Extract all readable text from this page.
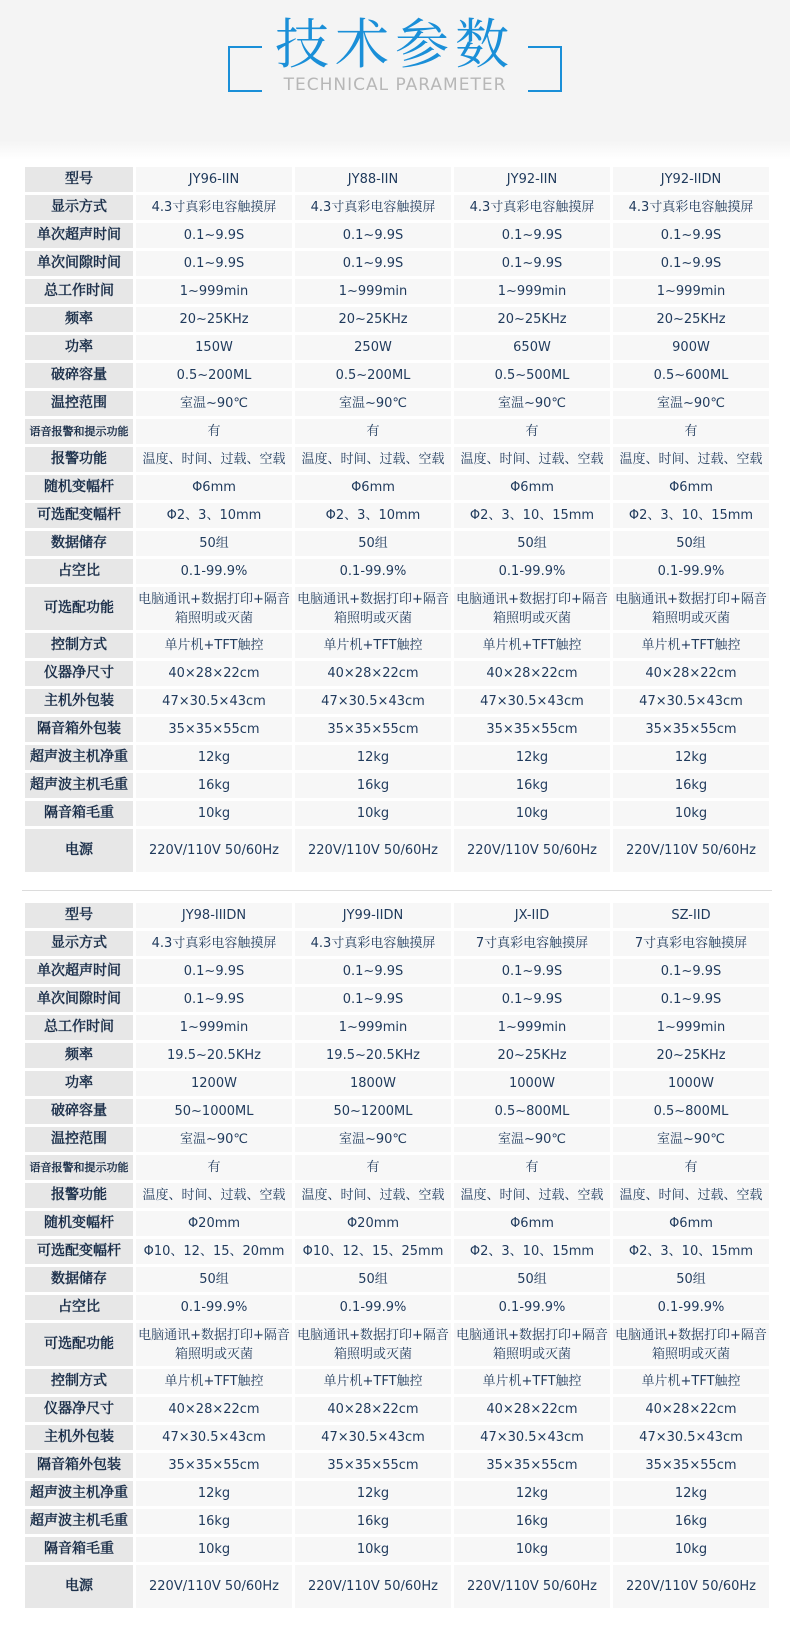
技术参数
TECHNICAL PARAMETER
型号	JY96-IIN	JY88-IIN	JY92-IIN	JY92-IIDN
显示方式	4.3寸真彩电容触摸屏	4.3寸真彩电容触摸屏	4.3寸真彩电容触摸屏	4.3寸真彩电容触摸屏
单次超声时间	0.1~9.9S	0.1~9.9S	0.1~9.9S	0.1~9.9S
单次间隙时间	0.1~9.9S	0.1~9.9S	0.1~9.9S	0.1~9.9S
总工作时间	1~999min	1~999min	1~999min	1~999min
频率	20~25KHz	20~25KHz	20~25KHz	20~25KHz
功率	150W	250W	650W	900W
破碎容量	0.5~200ML	0.5~200ML	0.5~500ML	0.5~600ML
温控范围	室温~90℃	室温~90℃	室温~90℃	室温~90℃
语音报警和提示功能	有	有	有	有
报警功能	温度、时间、过载、空载	温度、时间、过载、空载	温度、时间、过载、空载	温度、时间、过载、空载
随机变幅杆	Φ6mm	Φ6mm	Φ6mm	Φ6mm
可选配变幅杆	Φ2、3、10mm	Φ2、3、10mm	Φ2、3、10、15mm	Φ2、3、10、15mm
数据储存	50组	50组	50组	50组
占空比	0.1-99.9%	0.1-99.9%	0.1-99.9%	0.1-99.9%
可选配功能	电脑通讯+数据打印+隔音箱照明或灭菌	电脑通讯+数据打印+隔音箱照明或灭菌	电脑通讯+数据打印+隔音箱照明或灭菌	电脑通讯+数据打印+隔音箱照明或灭菌
控制方式	单片机+TFT触控	单片机+TFT触控	单片机+TFT触控	单片机+TFT触控
仪器净尺寸	40×28×22cm	40×28×22cm	40×28×22cm	40×28×22cm
主机外包装	47×30.5×43cm	47×30.5×43cm	47×30.5×43cm	47×30.5×43cm
隔音箱外包装	35×35×55cm	35×35×55cm	35×35×55cm	35×35×55cm
超声波主机净重	12kg	12kg	12kg	12kg
超声波主机毛重	16kg	16kg	16kg	16kg
隔音箱毛重	10kg	10kg	10kg	10kg
电源	220V/110V 50/60Hz	220V/110V 50/60Hz	220V/110V 50/60Hz	220V/110V 50/60Hz
型号	JY98-IIIDN	JY99-IIDN	JX-IID	SZ-IID
显示方式	4.3寸真彩电容触摸屏	4.3寸真彩电容触摸屏	7寸真彩电容触摸屏	7寸真彩电容触摸屏
单次超声时间	0.1~9.9S	0.1~9.9S	0.1~9.9S	0.1~9.9S
单次间隙时间	0.1~9.9S	0.1~9.9S	0.1~9.9S	0.1~9.9S
总工作时间	1~999min	1~999min	1~999min	1~999min
频率	19.5~20.5KHz	19.5~20.5KHz	20~25KHz	20~25KHz
功率	1200W	1800W	1000W	1000W
破碎容量	50~1000ML	50~1200ML	0.5~800ML	0.5~800ML
温控范围	室温~90℃	室温~90℃	室温~90℃	室温~90℃
语音报警和提示功能	有	有	有	有
报警功能	温度、时间、过载、空载	温度、时间、过载、空载	温度、时间、过载、空载	温度、时间、过载、空载
随机变幅杆	Φ20mm	Φ20mm	Φ6mm	Φ6mm
可选配变幅杆	Φ10、12、15、20mm	Φ10、12、15、25mm	Φ2、3、10、15mm	Φ2、3、10、15mm
数据储存	50组	50组	50组	50组
占空比	0.1-99.9%	0.1-99.9%	0.1-99.9%	0.1-99.9%
可选配功能	电脑通讯+数据打印+隔音箱照明或灭菌	电脑通讯+数据打印+隔音箱照明或灭菌	电脑通讯+数据打印+隔音箱照明或灭菌	电脑通讯+数据打印+隔音箱照明或灭菌
控制方式	单片机+TFT触控	单片机+TFT触控	单片机+TFT触控	单片机+TFT触控
仪器净尺寸	40×28×22cm	40×28×22cm	40×28×22cm	40×28×22cm
主机外包装	47×30.5×43cm	47×30.5×43cm	47×30.5×43cm	47×30.5×43cm
隔音箱外包装	35×35×55cm	35×35×55cm	35×35×55cm	35×35×55cm
超声波主机净重	12kg	12kg	12kg	12kg
超声波主机毛重	16kg	16kg	16kg	16kg
隔音箱毛重	10kg	10kg	10kg	10kg
电源	220V/110V 50/60Hz	220V/110V 50/60Hz	220V/110V 50/60Hz	220V/110V 50/60Hz
